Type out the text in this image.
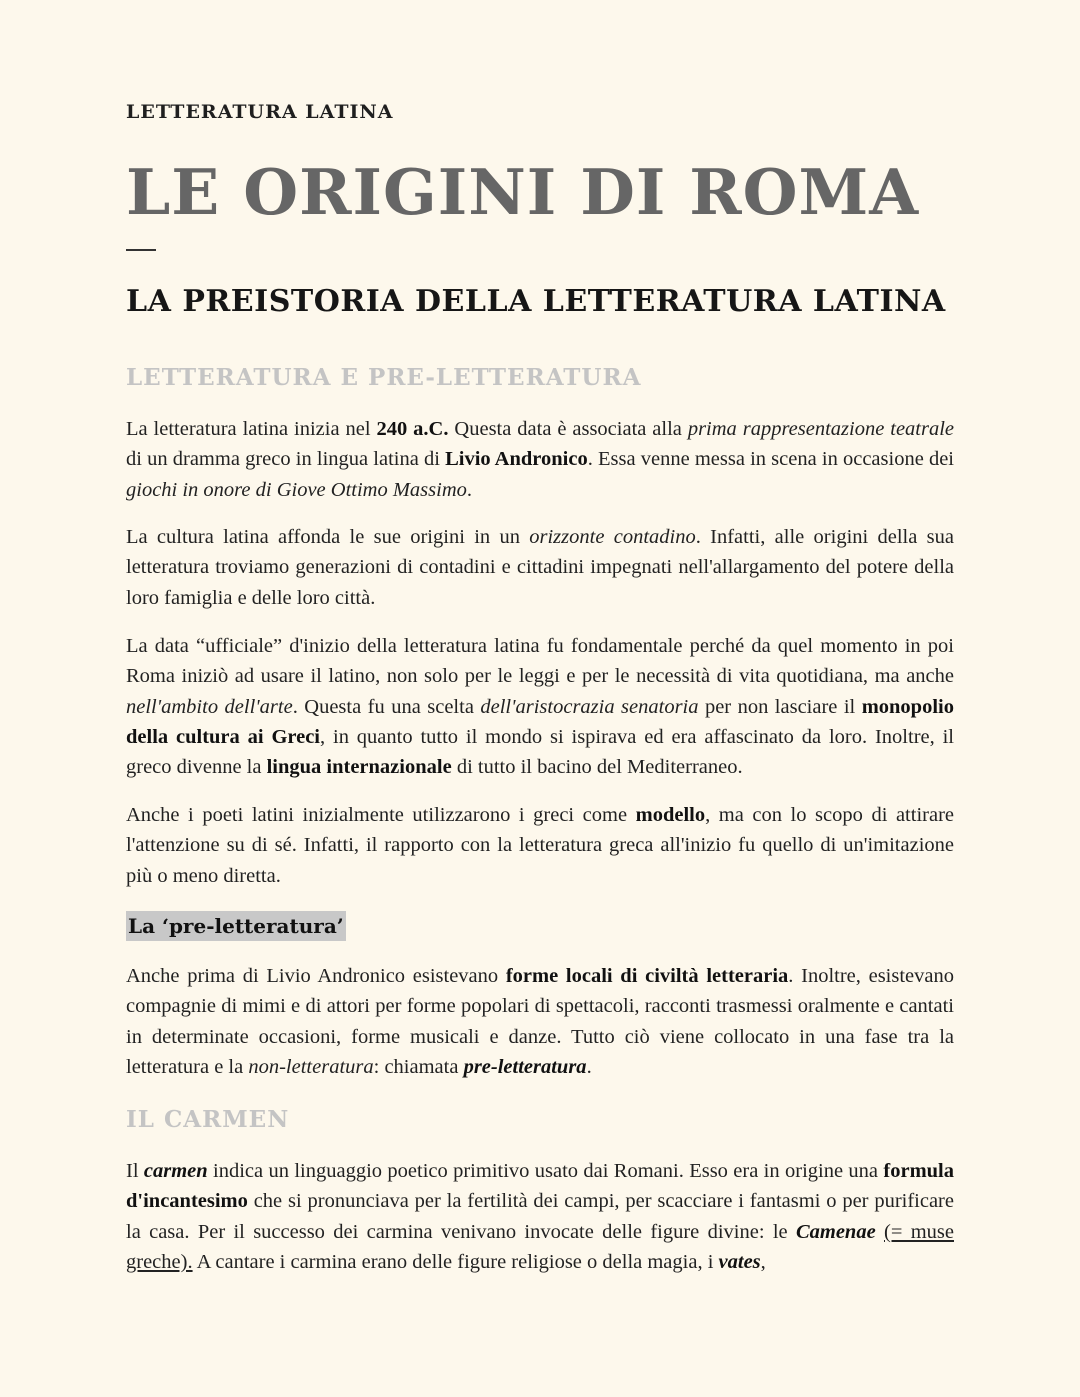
LETTERATURA LATINA
LE ORIGINI DI ROMA
LA PREISTORIA DELLA LETTERATURA LATINA
LETTERATURA E PRE-LETTERATURA

La letteratura latina inizia nel 240 a.C. Questa data è associata alla prima rappresentazione teatrale di un dramma greco in lingua latina di Livio Andronico. Essa venne messa in scena in occasione dei giochi in onore di Giove Ottimo Massimo.

La cultura latina affonda le sue origini in un orizzonte contadino. Infatti, alle origini della sua letteratura troviamo generazioni di contadini e cittadini impegnati nell'allargamento del potere della loro famiglia e delle loro città.

La data “ufficiale” d'inizio della letteratura latina fu fondamentale perché da quel momento in poi Roma iniziò ad usare il latino, non solo per le leggi e per le necessità di vita quotidiana, ma anche nell'ambito dell'arte. Questa fu una scelta dell'aristocrazia senatoria per non lasciare il monopolio della cultura ai Greci, in quanto tutto il mondo si ispirava ed era affascinato da loro. Inoltre, il greco divenne la lingua internazionale di tutto il bacino del Mediterraneo.

Anche i poeti latini inizialmente utilizzarono i greci come modello, ma con lo scopo di attirare l'attenzione su di sé. Infatti, il rapporto con la letteratura greca all'inizio fu quello di un'imitazione più o meno diretta.

La ‘pre-letteratura’

Anche prima di Livio Andronico esistevano forme locali di civiltà letteraria. Inoltre, esistevano compagnie di mimi e di attori per forme popolari di spettacoli, racconti trasmessi oralmente e cantati in determinate occasioni, forme musicali e danze. Tutto ciò viene collocato in una fase tra la letteratura e la non-letteratura: chiamata pre-letteratura.

IL CARMEN

Il carmen indica un linguaggio poetico primitivo usato dai Romani. Esso era in origine una formula d'incantesimo che si pronunciava per la fertilità dei campi, per scacciare i fantasmi o per purificare la casa. Per il successo dei carmina venivano invocate delle figure divine: le Camenae (= muse greche). A cantare i carmina erano delle figure religiose o della magia, i vates,
